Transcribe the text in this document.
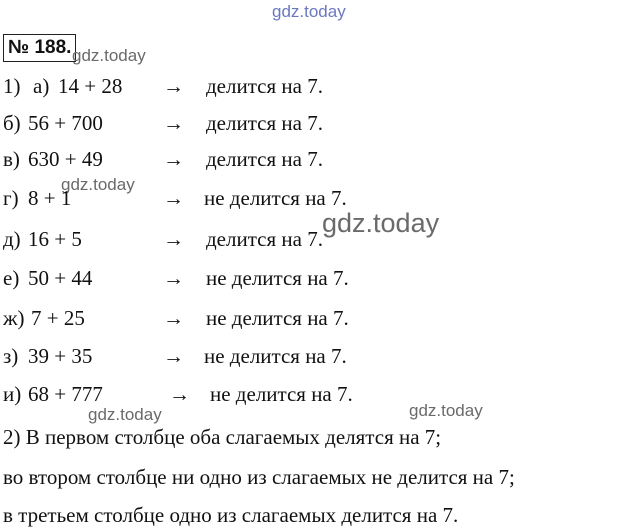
gdz.today
№ 188. gdz.today
1) а) 14 + 28 → делится на 7.
б) 56 + 700	→ делится на 7.
в) 630 + 49	→ делится на 7.
gdz.today
г) 8 + 1	→ не делится на 7.
gdz.today
д) 16 + 5	→ делится на 7.
е) 50 + 44	→ не делится на 7.
ж) 7 + 25	→ не делится на 7.
з) 39 + 35	→ не делится на 7.
и) 68 + 777	→ не делится на 7.
gdz.today	gdz.today
2) В первом столбце оба слагаемых делятся на 7;
во втором столбце ни одно из слагаемых не делится на 7;
в третьем столбце одно из слагаемых делится на 7.
